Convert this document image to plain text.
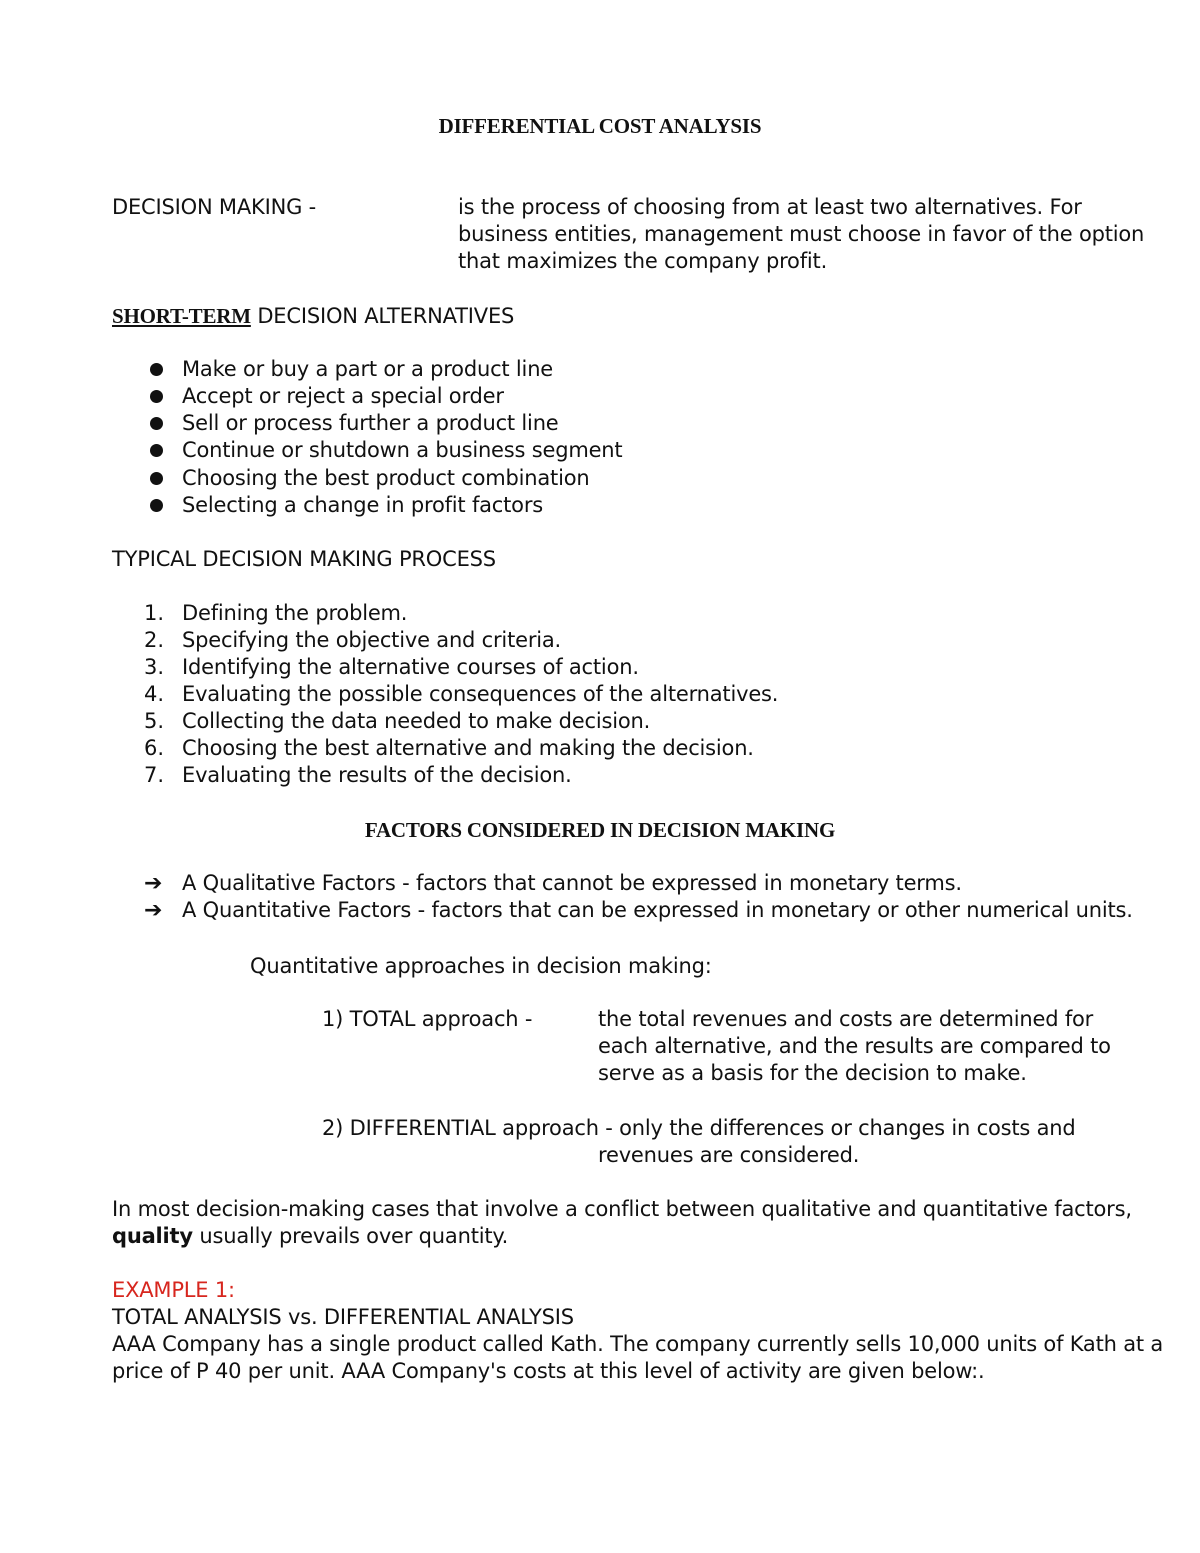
DIFFERENTIAL COST ANALYSIS
DECISION MAKING -	is the process of choosing from at least two alternatives. For
business entities, management must choose in favor of the option
that maximizes the company profit.
SHORT-TERM DECISION ALTERNATIVES
Make or buy a part or a product line
Accept or reject a special order
Sell or process further a product line
Continue or shutdown a business segment
Choosing the best product combination
Selecting a change in profit factors
TYPICAL DECISION MAKING PROCESS
1. Defining the problem.
2. Specifying the objective and criteria.
3. Identifying the alternative courses of action.
4. Evaluating the possible consequences of the alternatives.
5. Collecting the data needed to make decision.
6. Choosing the best alternative and making the decision.
7. Evaluating the results of the decision.
FACTORS CONSIDERED IN DECISION MAKING
➔ A Qualitative Factors - factors that cannot be expressed in monetary terms.
➔ A Quantitative Factors - factors that can be expressed in monetary or other numerical units.
Quantitative approaches in decision making:
1) TOTAL approach -	the total revenues and costs are determined for
each alternative, and the results are compared to
serve as a basis for the decision to make.
2) DIFFERENTIAL approach - only the differences or changes in costs and
revenues are considered.
In most decision-making cases that involve a conflict between qualitative and quantitative factors,
quality usually prevails over quantity.
EXAMPLE 1:
TOTAL ANALYSIS vs. DIFFERENTIAL ANALYSIS
AAA Company has a single product called Kath. The company currently sells 10,000 units of Kath at a
price of P 40 per unit. AAA Company's costs at this level of activity are given below:.
